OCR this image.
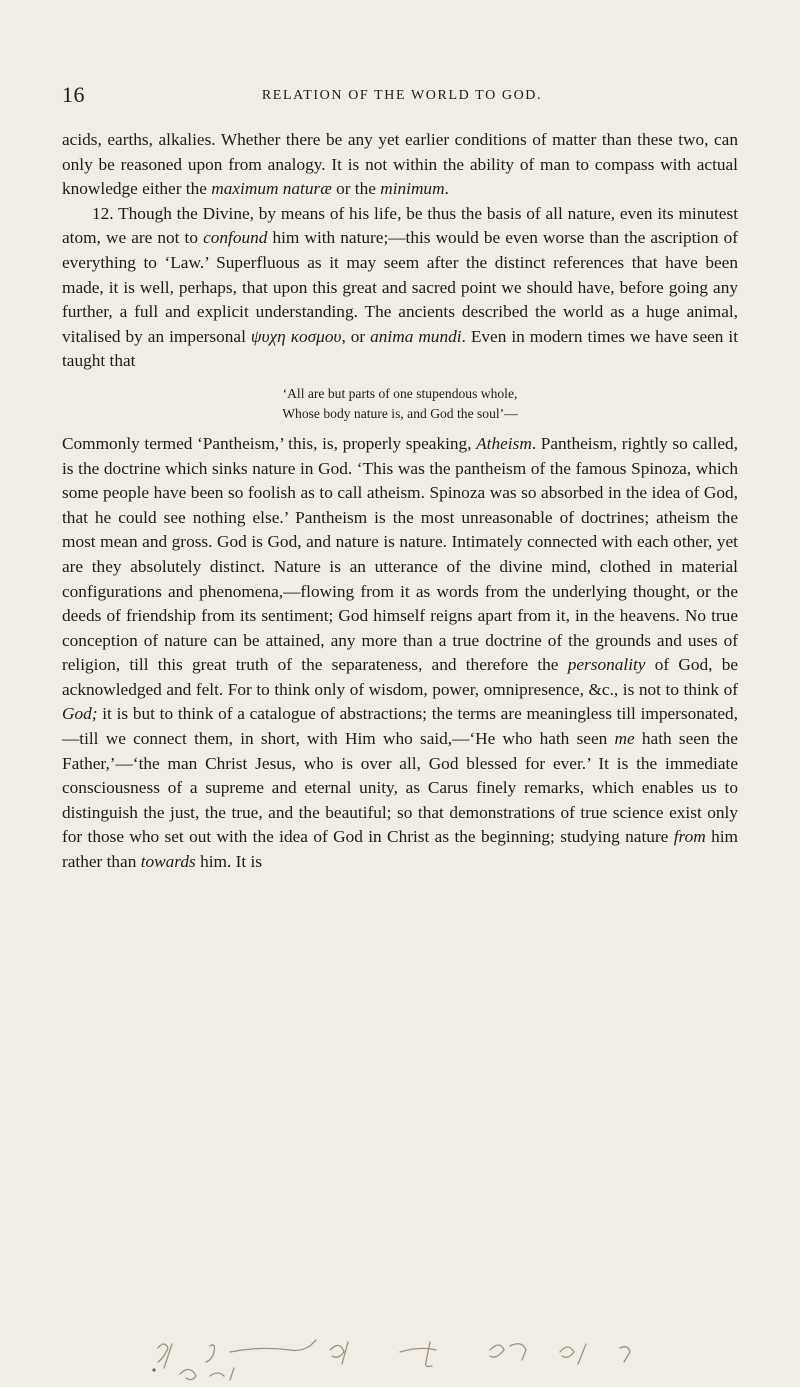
16	RELATION OF THE WORLD TO GOD.

acids, earths, alkalies. Whether there be any yet earlier conditions of matter than these two, can only be reasoned upon from analogy. It is not within the ability of man to compass with actual knowledge either the maximum naturæ or the minimum.

12. Though the Divine, by means of his life, be thus the basis of all nature, even its minutest atom, we are not to confound him with nature;—this would be even worse than the ascription of everything to ‘Law.’ Superfluous as it may seem after the distinct references that have been made, it is well, perhaps, that upon this great and sacred point we should have, before going any further, a full and explicit understanding. The ancients described the world as a huge animal, vitalised by an impersonal ψυχη κοσμου, or anima mundi. Even in modern times we have seen it taught that

‘All are but parts of one stupendous whole,
Whose body nature is, and God the soul’—

Commonly termed ‘Pantheism,’ this, is, properly speaking, Atheism. Pantheism, rightly so called, is the doctrine which sinks nature in God. ‘This was the pantheism of the famous Spinoza, which some people have been so foolish as to call atheism. Spinoza was so absorbed in the idea of God, that he could see nothing else.’ Pantheism is the most unreasonable of doctrines; atheism the most mean and gross. God is God, and nature is nature. Intimately connected with each other, yet are they absolutely distinct. Nature is an utterance of the divine mind, clothed in material configurations and phenomena,—flowing from it as words from the underlying thought, or the deeds of friendship from its sentiment; God himself reigns apart from it, in the heavens. No true conception of nature can be attained, any more than a true doctrine of the grounds and uses of religion, till this great truth of the separateness, and therefore the personality of God, be acknowledged and felt. For to think only of wisdom, power, omnipresence, &c., is not to think of God; it is but to think of a catalogue of abstractions; the terms are meaningless till impersonated,—till we connect them, in short, with Him who said,—‘He who hath seen me hath seen the Father,’—‘the man Christ Jesus, who is over all, God blessed for ever.’ It is the immediate consciousness of a supreme and eternal unity, as Carus finely remarks, which enables us to distinguish the just, the true, and the beautiful; so that demonstrations of true science exist only for those who set out with the idea of God in Christ as the beginning; studying nature from him rather than towards him. It is
